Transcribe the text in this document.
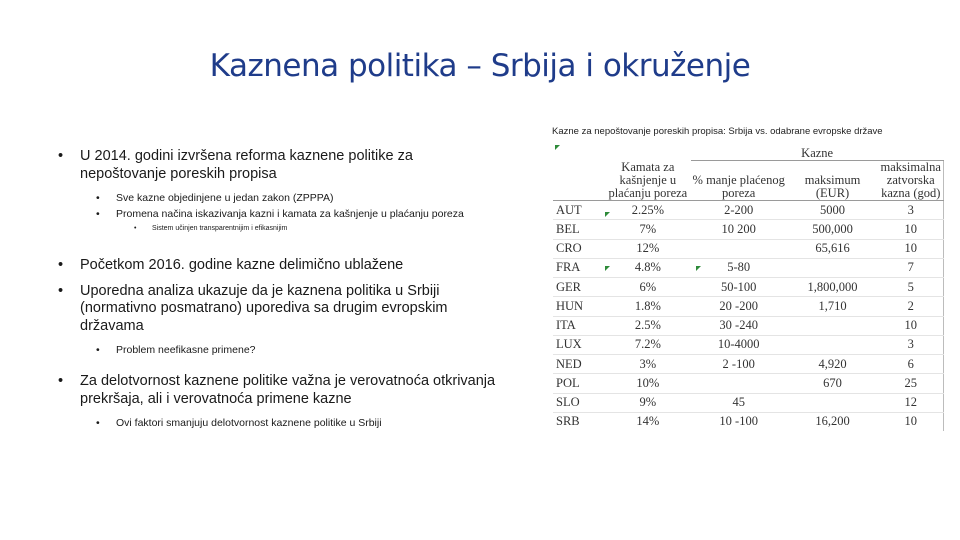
Kaznena politika – Srbija i okruženje
• U 2014. godini izvršena reforma kaznene politike za nepoštovanje poreskih propisa
• Sve kazne objedinjene u jedan zakon (ZPPPA)
• Promena načina iskazivanja kazni i kamata za kašnjenje u plaćanju poreza
• Sistem učinjen transparentnijim i efikasnijim
• Početkom 2016. godine kazne delimično ublažene
• Uporedna analiza ukazuje da je kaznena politika u Srbiji (normativno posmatrano) uporediva sa drugim evropskim državama
• Problem neefikasne primene?
• Za delotvornost kaznene politike važna je verovatnoća otkrivanja prekršaja, ali i verovatnoća primene kazne
• Ovi faktori smanjuju delotvornost kaznene politike u Srbiji
Kazne za nepoštovanje poreskih propisa: Srbija vs. odabrane evropske države
		Kazne		
	Kamata za kašnjenje u plaćanju poreza	% manje plaćenog poreza	maksimum (EUR)	maksimalna zatvorska kazna (god)
AUT	2.25%	2-200	5000	3
BEL	7%	10 200	500,000	10
CRO	12%		65,616	10
FRA	4.8%	5-80		7
GER	6%	50-100	1,800,000	5
HUN	1.8%	20 -200	1,710	2
ITA	2.5%	30 -240		10
LUX	7.2%	10-4000		3
NED	3%	2 -100	4,920	6
POL	10%		670	25
SLO	9%	45		12
SRB	14%	10 -100	16,200	10
